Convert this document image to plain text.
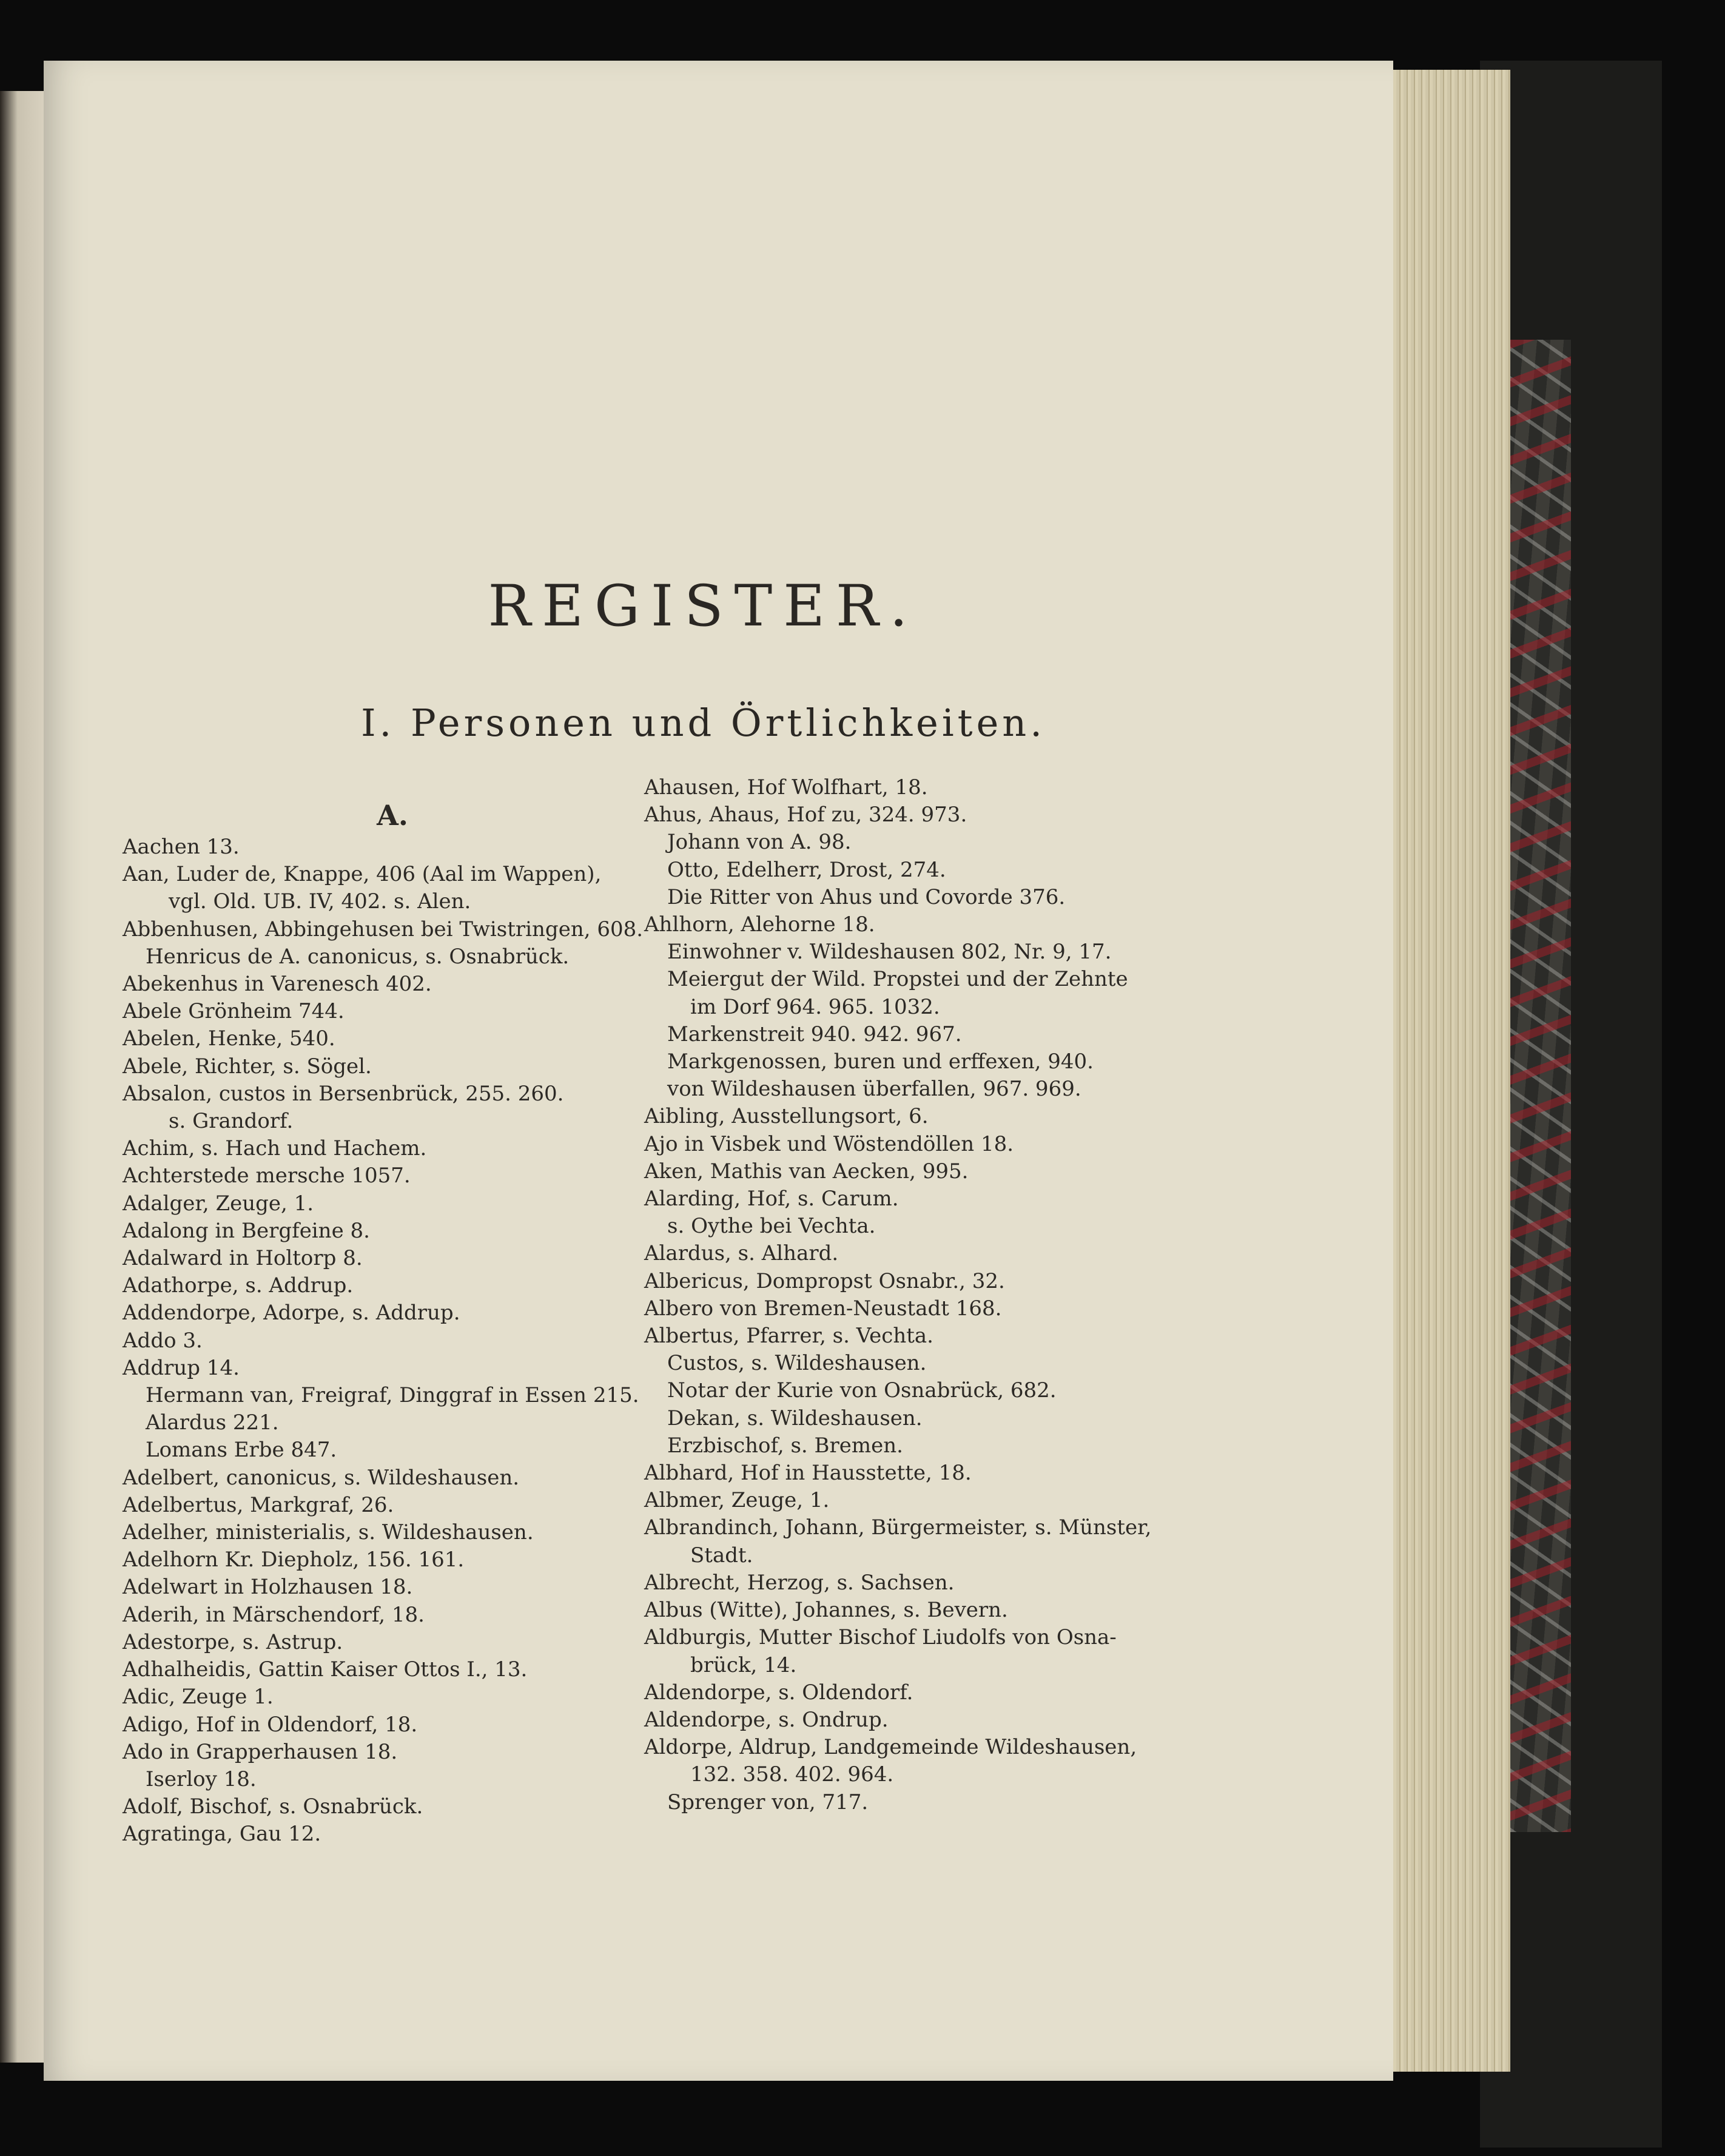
REGISTER.
I. Personen und Örtlichkeiten.
A.
Aachen 13.
Aan, Luder de, Knappe, 406 (Aal im Wappen),
vgl. Old. UB. IV, 402. s. Alen.
Abbenhusen, Abbingehusen bei Twistringen, 608.
Henricus de A. canonicus, s. Osnabrück.
Abekenhus in Varenesch 402.
Abele Grönheim 744.
Abelen, Henke, 540.
Abele, Richter, s. Sögel.
Absalon, custos in Bersenbrück, 255. 260.
s. Grandorf.
Achim, s. Hach und Hachem.
Achterstede mersche 1057.
Adalger, Zeuge, 1.
Adalong in Bergfeine 8.
Adalward in Holtorp 8.
Adathorpe, s. Addrup.
Addendorpe, Adorpe, s. Addrup.
Addo 3.
Addrup 14.
Hermann van, Freigraf, Dinggraf in Essen 215.
Alardus 221.
Lomans Erbe 847.
Adelbert, canonicus, s. Wildeshausen.
Adelbertus, Markgraf, 26.
Adelher, ministerialis, s. Wildeshausen.
Adelhorn Kr. Diepholz, 156. 161.
Adelwart in Holzhausen 18.
Aderih, in Märschendorf, 18.
Adestorpe, s. Astrup.
Adhalheidis, Gattin Kaiser Ottos I., 13.
Adic, Zeuge 1.
Adigo, Hof in Oldendorf, 18.
Ado in Grapperhausen 18.
Iserloy 18.
Adolf, Bischof, s. Osnabrück.
Agratinga, Gau 12.
Ahausen, Hof Wolfhart, 18.
Ahus, Ahaus, Hof zu, 324. 973.
Johann von A. 98.
Otto, Edelherr, Drost, 274.
Die Ritter von Ahus und Covorde 376.
Ahlhorn, Alehorne 18.
Einwohner v. Wildeshausen 802, Nr. 9, 17.
Meiergut der Wild. Propstei und der Zehnte
im Dorf 964. 965. 1032.
Markenstreit 940. 942. 967.
Markgenossen, buren und erffexen, 940.
von Wildeshausen überfallen, 967. 969.
Aibling, Ausstellungsort, 6.
Ajo in Visbek und Wöstendöllen 18.
Aken, Mathis van Aecken, 995.
Alarding, Hof, s. Carum.
s. Oythe bei Vechta.
Alardus, s. Alhard.
Albericus, Dompropst Osnabr., 32.
Albero von Bremen-Neustadt 168.
Albertus, Pfarrer, s. Vechta.
Custos, s. Wildeshausen.
Notar der Kurie von Osnabrück, 682.
Dekan, s. Wildeshausen.
Erzbischof, s. Bremen.
Albhard, Hof in Hausstette, 18.
Albmer, Zeuge, 1.
Albrandinch, Johann, Bürgermeister, s. Münster,
Stadt.
Albrecht, Herzog, s. Sachsen.
Albus (Witte), Johannes, s. Bevern.
Aldburgis, Mutter Bischof Liudolfs von Osna-
brück, 14.
Aldendorpe, s. Oldendorf.
Aldendorpe, s. Ondrup.
Aldorpe, Aldrup, Landgemeinde Wildeshausen,
132. 358. 402. 964.
Sprenger von, 717.
